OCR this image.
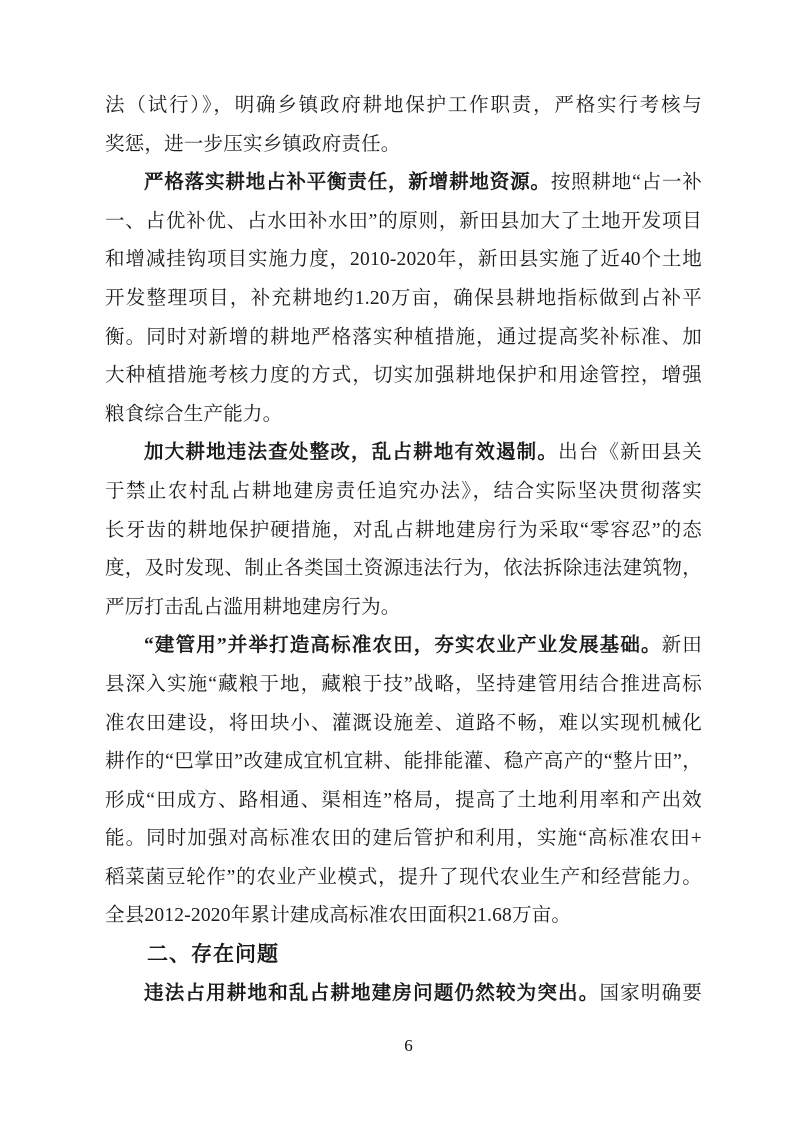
法（试行）》，明确乡镇政府耕地保护工作职责，严格实行考核与
奖惩，进一步压实乡镇政府责任。
严格落实耕地占补平衡责任，新增耕地资源。按照耕地“占一补
一、占优补优、占水田补水田”的原则，新田县加大了土地开发项目
和增减挂钩项目实施力度，2010-2020年，新田县实施了近40个土地
开发整理项目，补充耕地约1.20万亩，确保县耕地指标做到占补平
衡。同时对新增的耕地严格落实种植措施，通过提高奖补标准、加
大种植措施考核力度的方式，切实加强耕地保护和用途管控，增强
粮食综合生产能力。
加大耕地违法查处整改，乱占耕地有效遏制。出台《新田县关
于禁止农村乱占耕地建房责任追究办法》，结合实际坚决贯彻落实
长牙齿的耕地保护硬措施，对乱占耕地建房行为采取“零容忍”的态
度，及时发现、制止各类国土资源违法行为，依法拆除违法建筑物，
严厉打击乱占滥用耕地建房行为。
“建管用”并举打造高标准农田，夯实农业产业发展基础。新田
县深入实施“藏粮于地，藏粮于技”战略，坚持建管用结合推进高标
准农田建设，将田块小、灌溉设施差、道路不畅，难以实现机械化
耕作的“巴掌田”改建成宜机宜耕、能排能灌、稳产高产的“整片田”，
形成“田成方、路相通、渠相连”格局，提高了土地利用率和产出效
能。同时加强对高标准农田的建后管护和利用，实施“高标准农田+
稻菜菌豆轮作”的农业产业模式，提升了现代农业生产和经营能力。
全县2012-2020年累计建成高标准农田面积21.68万亩。
二、存在问题
违法占用耕地和乱占耕地建房问题仍然较为突出。国家明确要
6
